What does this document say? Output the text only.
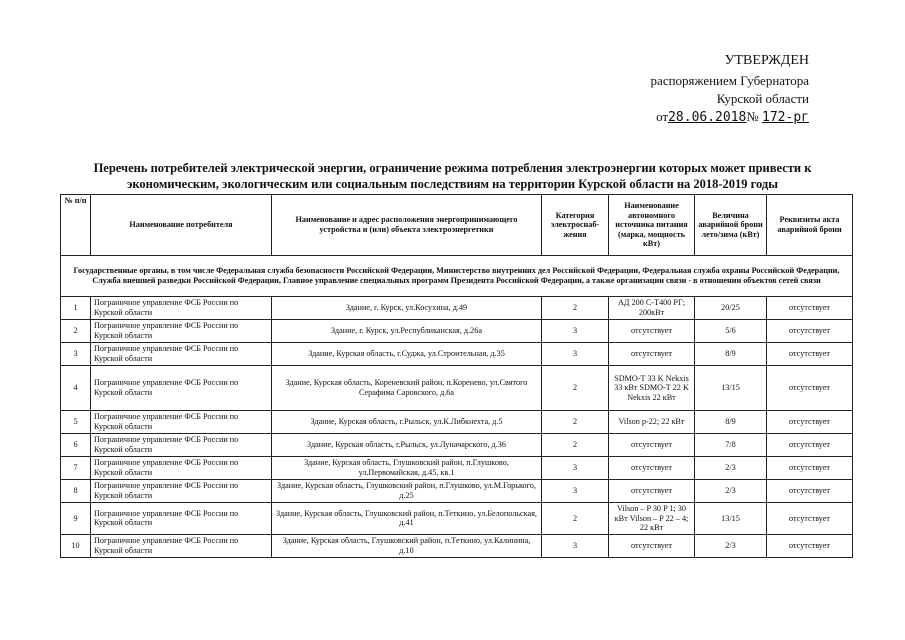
УТВЕРЖДЕН
распоряжением Губернатора
Курской области
от28.06.2018№ 172-рг
Перечень потребителей электрической энергии, ограничение режима потребления электроэнергии которых может привести к экономическим, экологическим или социальным последствиям на территории Курской области на 2018-2019 годы
№ п/п	Наименование потребителя	Наименование и адрес расположения энергопринимающего устройства и (или) объекта электроэнергетики	Категория электроснаб-жения	Наименование автономного источника питания (марка, мощность кВт)	Величина аварийной брони лето/зима (кВт)	Реквизиты акта аварийной брони
Государственные органы, в том числе Федеральная служба безопасности Российской Федерации, Министерство внутренних дел Российской Федерации, Федеральная служба охраны Российской Федерации, Служба внешней разведки Российской Федерации, Главное управление специальных программ Президента Российской Федерации, а также организации связи - в отношении объектов сетей связи						
1	Пограничное управление ФСБ России по Курской области	Здание, г. Курск, ул.Косухина, д.49	2	АД 200 С-Т400 РГ; 200кВт	20/25	отсутствует
2	Пограничное управление ФСБ России по Курской области	Здание, г. Курск, ул.Республиканская, д.26а	3	отсутствует	5/6	отсутствует
3	Пограничное управление ФСБ России по Курской области	Здание, Курская область, г.Суджа, ул.Строительная, д.35	3	отсутствует	8/9	отсутствует
4	Пограничное управление ФСБ России по Курской области	Здание, Курская область, Кореневский район, п.Коренево, ул.Святого Серафима Саровского, д.6а	2	SDMO-T 33 K Nekxis 33 кВт SDMO-T 22 K Nekxis 22 кВт	13/15	отсутствует
5	Пограничное управление ФСБ России по Курской области	Здание, Курская область, г.Рыльск, ул.К.Либкнехта, д.5	2	Vilson р-22; 22 кВт	8/9	отсутствует
6	Пограничное управление ФСБ России по Курской области	Здание, Курская область, г.Рыльск, ул.Луначарского, д.36	2	отсутствует	7/8	отсутствует
7	Пограничное управление ФСБ России по Курской области	Здание, Курская область, Глушковский район, п.Глушково, ул.Первомайская, д.45, кв.1	3	отсутствует	2/3	отсутствует
8	Пограничное управление ФСБ России по Курской области	Здание, Курская область, Глушковский район, п.Глушково, ул.М.Горького, д.25	3	отсутствует	2/3	отсутствует
9	Пограничное управление ФСБ России по Курской области	Здание, Курская область, Глушковский район, п.Теткино, ул.Белопольская, д.41	2	Vilson – P 30 P 1; 30 кВт Vilson – P 22 – 4; 22 кВт	13/15	отсутствует
10	Пограничное управление ФСБ России по Курской области	Здание, Курская область, Глушковский район, п.Теткино, ул.Калинина, д.10	3	отсутствует	2/3	отсутствует
